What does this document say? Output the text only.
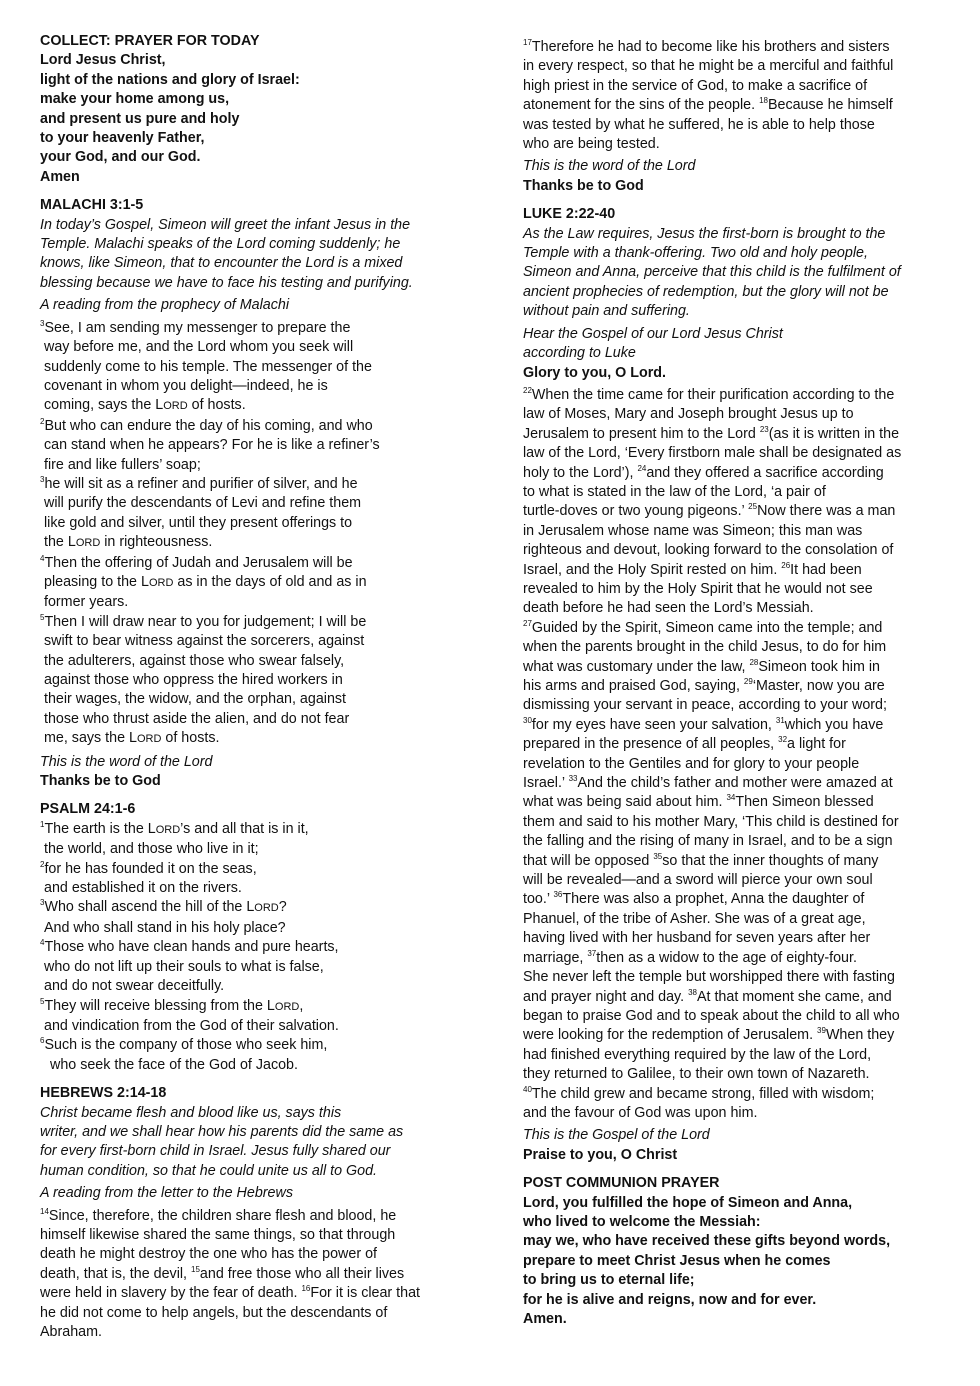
COLLECT: PRAYER FOR TODAY
Lord Jesus Christ,
light of the nations and glory of Israel:
make your home among us,
and present us pure and holy
to your heavenly Father,
your God, and our God.
Amen
MALACHI 3:1-5
In today’s Gospel, Simeon will greet the infant Jesus in the
Temple. Malachi speaks of the Lord coming suddenly; he
knows, like Simeon, that to encounter the Lord is a mixed
blessing because we have to face his testing and purifying.
A reading from the prophecy of Malachi
$^3$See, I am sending my messenger to prepare the
way before me, and the Lord whom you seek will
suddenly come to his temple. The messenger of the
covenant in whom you delight—indeed, he is
coming, says the LORD of hosts.
$^2$But who can endure the day of his coming, and who
can stand when he appears? For he is like a refiner’s
fire and like fullers’ soap;
$^3$he will sit as a refiner and purifier of silver, and he
will purify the descendants of Levi and refine them
like gold and silver, until they present offerings to
the LORD in righteousness.
$^4$Then the offering of Judah and Jerusalem will be
pleasing to the LORD as in the days of old and as in
former years.
$^5$Then I will draw near to you for judgement; I will be
swift to bear witness against the sorcerers, against
the adulterers, against those who swear falsely,
against those who oppress the hired workers in
their wages, the widow, and the orphan, against
those who thrust aside the alien, and do not fear
me, says the LORD of hosts.
This is the word of the Lord
Thanks be to God
PSALM 24:1-6
$^1$The earth is the LORD’s and all that is in it,
the world, and those who live in it;
$^2$for he has founded it on the seas,
and established it on the rivers.
$^3$Who shall ascend the hill of the LORD?
And who shall stand in his holy place?
$^4$Those who have clean hands and pure hearts,
who do not lift up their souls to what is false,
and do not swear deceitfully.
$^5$They will receive blessing from the LORD,
and vindication from the God of their salvation.
$^6$Such is the company of those who seek him,
who seek the face of the God of Jacob.
HEBREWS 2:14-18
Christ became flesh and blood like us, says this
writer, and we shall hear how his parents did the same as
for every first-born child in Israel. Jesus fully shared our
human condition, so that he could unite us all to God.
A reading from the letter to the Hebrews
$^{14}$Since, therefore, the children share flesh and blood, he
himself likewise shared the same things, so that through
death he might destroy the one who has the power of
death, that is, the devil, $^{15}$and free those who all their lives
were held in slavery by the fear of death. $^{16}$For it is clear that
he did not come to help angels, but the descendants of
Abraham.
$^{17}$Therefore he had to become like his brothers and sisters
in every respect, so that he might be a merciful and faithful
high priest in the service of God, to make a sacrifice of
atonement for the sins of the people. $^{18}$Because he himself
was tested by what he suffered, he is able to help those
who are being tested.
This is the word of the Lord
Thanks be to God
LUKE 2:22-40
As the Law requires, Jesus the first-born is brought to the
Temple with a thank-offering. Two old and holy people,
Simeon and Anna, perceive that this child is the fulfilment of
ancient prophecies of redemption, but the glory will not be
without pain and suffering.
Hear the Gospel of our Lord Jesus Christ
according to Luke
Glory to you, O Lord.
$^{22}$When the time came for their purification according to the
law of Moses, Mary and Joseph brought Jesus up to
Jerusalem to present him to the Lord $^{23}$(as it is written in the
law of the Lord, ‘Every firstborn male shall be designated as
holy to the Lord’), $^{24}$and they offered a sacrifice according
to what is stated in the law of the Lord, ‘a pair of
turtle-doves or two young pigeons.’ $^{25}$Now there was a man
in Jerusalem whose name was Simeon; this man was
righteous and devout, looking forward to the consolation of
Israel, and the Holy Spirit rested on him. $^{26}$It had been
revealed to him by the Holy Spirit that he would not see
death before he had seen the Lord’s Messiah.
$^{27}$Guided by the Spirit, Simeon came into the temple; and
when the parents brought in the child Jesus, to do for him
what was customary under the law, $^{28}$Simeon took him in
his arms and praised God, saying, $^{29}$‘Master, now you are
dismissing your servant in peace, according to your word;
$^{30}$for my eyes have seen your salvation, $^{31}$which you have
prepared in the presence of all peoples, $^{32}$a light for
revelation to the Gentiles and for glory to your people
Israel.’ $^{33}$And the child’s father and mother were amazed at
what was being said about him. $^{34}$Then Simeon blessed
them and said to his mother Mary, ‘This child is destined for
the falling and the rising of many in Israel, and to be a sign
that will be opposed $^{35}$so that the inner thoughts of many
will be revealed—and a sword will pierce your own soul
too.’ $^{36}$There was also a prophet, Anna the daughter of
Phanuel, of the tribe of Asher. She was of a great age,
having lived with her husband for seven years after her
marriage, $^{37}$then as a widow to the age of eighty-four.
She never left the temple but worshipped there with fasting
and prayer night and day. $^{38}$At that moment she came, and
began to praise God and to speak about the child to all who
were looking for the redemption of Jerusalem. $^{39}$When they
had finished everything required by the law of the Lord,
they returned to Galilee, to their own town of Nazareth.
$^{40}$The child grew and became strong, filled with wisdom;
and the favour of God was upon him.
This is the Gospel of the Lord
Praise to you, O Christ
POST COMMUNION PRAYER
Lord, you fulfilled the hope of Simeon and Anna,
who lived to welcome the Messiah:
may we, who have received these gifts beyond words,
prepare to meet Christ Jesus when he comes
to bring us to eternal life;
for he is alive and reigns, now and for ever.
Amen.
